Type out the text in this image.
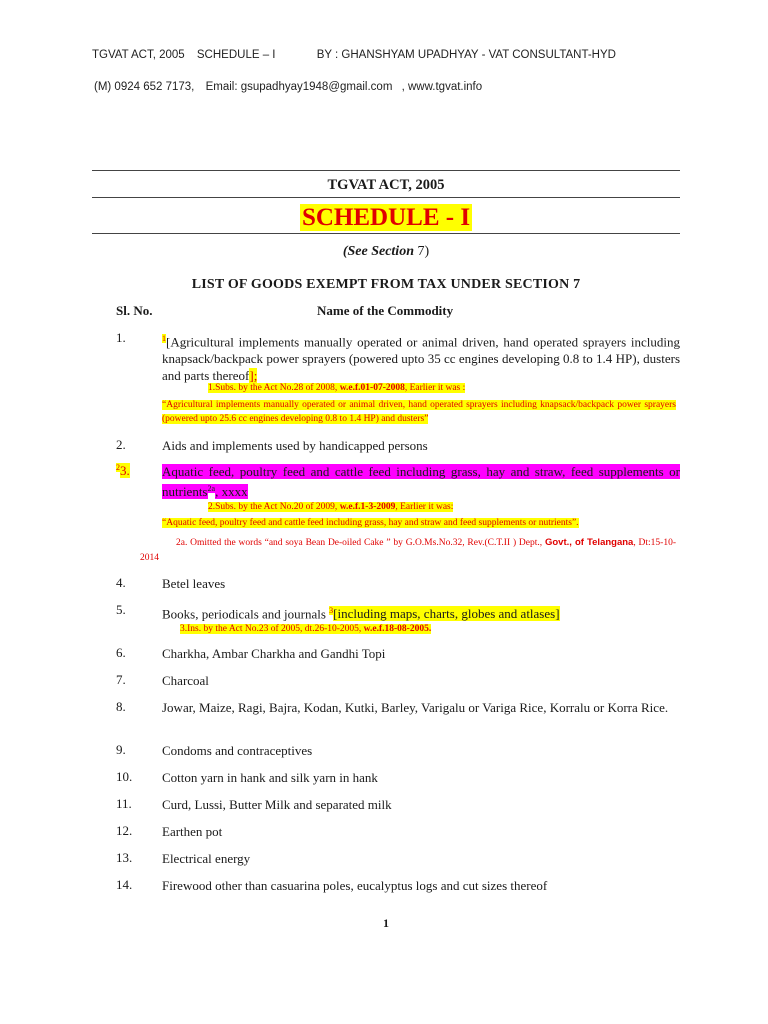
TGVAT ACT, 2005 SCHEDULE – I	BY : GHANSHYAM UPADHYAY - VAT CONSULTANT-HYD
(M) 0924 652 7173, Email: gsupadhyay1948@gmail.com , www.tgvat.info
TGVAT ACT, 2005
SCHEDULE - I
(See Section 7)
LIST OF GOODS EXEMPT FROM TAX UNDER SECTION 7
Sl. No.	Name of the Commodity
1.	$^1$[Agricultural implements manually operated or animal driven, hand operated sprayers including knapsack/backpack power sprayers (powered upto 35 cc engines developing 0.8 to 1.4 HP), dusters and parts thereof];
1.Subs. by the Act No.28 of 2008, w.e.f.01-07-2008, Earlier it was :
“Agricultural implements manually operated or animal driven, hand operated sprayers including knapsack/backpack power sprayers (powered upto 25.6 cc engines developing 0.8 to 1.4 HP) and dusters”
2.	Aids and implements used by handicapped persons
$^2$3.	Aquatic feed, poultry feed and cattle feed including grass, hay and straw, feed supplements or nutrients$^{2a}$, xxxx
2.Subs. by the Act No.20 of 2009, w.e.f.1-3-2009, Earlier it was:
“Aquatic feed, poultry feed and cattle feed including grass, hay and straw and feed supplements or nutrients”.
2a. Omitted the words “and soya Bean De-oiled Cake ” by G.O.Ms.No.32, Rev.(C.T.II ) Dept., Govt., of Telangana, Dt:15-10-2014
4.	Betel leaves
5.	Books, periodicals and journals $^3$[including maps, charts, globes and atlases]
3.Ins. by the Act No.23 of 2005, dt.26-10-2005, w.e.f.18-08-2005.
6.	Charkha, Ambar Charkha and Gandhi Topi
7.	Charcoal
8.	Jowar, Maize, Ragi, Bajra, Kodan, Kutki, Barley, Varigalu or Variga Rice, Korralu or Korra Rice.
9.	Condoms and contraceptives
10.	Cotton yarn in hank and silk yarn in hank
11.	Curd, Lussi, Butter Milk and separated milk
12.	Earthen pot
13.	Electrical energy
14.	Firewood other than casuarina poles, eucalyptus logs and cut sizes thereof
1
